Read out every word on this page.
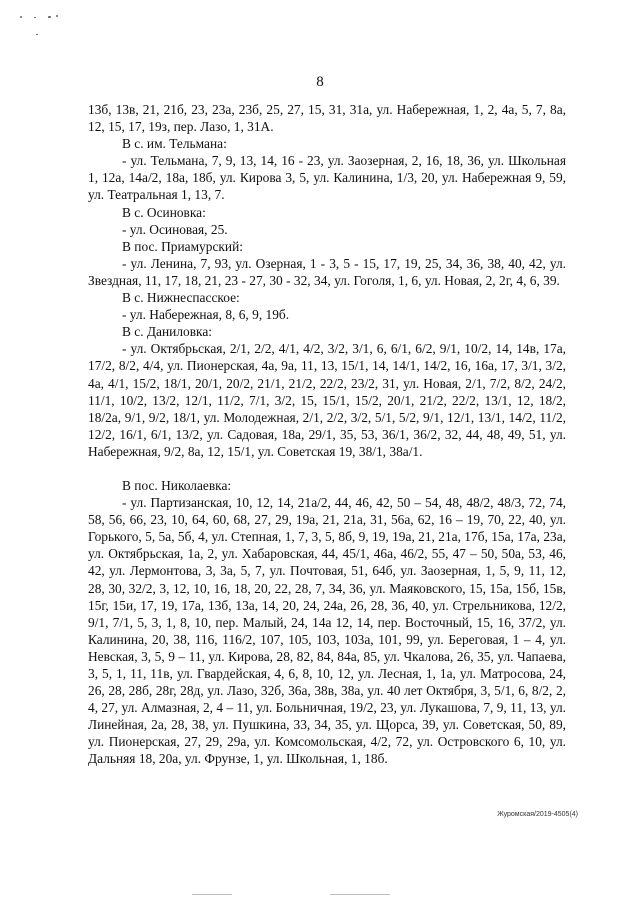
8

13б, 13в, 21, 21б, 23, 23а, 23б, 25, 27, 15, 31, 31а, ул. Набережная, 1, 2, 4а, 5, 7, 8а, 12, 15, 17, 19з, пер. Лазо, 1, 31А.

В с. им. Тельмана:

- ул. Тельмана, 7, 9, 13, 14, 16 - 23, ул. Заозерная, 2, 16, 18, 36, ул. Школьная 1, 12а, 14а/2, 18а, 18б, ул. Кирова 3, 5, ул. Калинина, 1/3, 20, ул. Набережная 9, 59, ул. Театральная 1, 13, 7.

В с. Осиновка:

- ул. Осиновая, 25.

В пос. Приамурский:

- ул. Ленина, 7, 93, ул. Озерная, 1 - 3, 5 - 15, 17, 19, 25, 34, 36, 38, 40, 42, ул. Звездная, 11, 17, 18, 21, 23 - 27, 30 - 32, 34, ул. Гоголя, 1, 6, ул. Новая, 2, 2г, 4, 6, 39.

В с. Нижнеспасское:

- ул. Набережная, 8, 6, 9, 19б.

В с. Даниловка:

- ул. Октябрьская, 2/1, 2/2, 4/1, 4/2, 3/2, 3/1, 6, 6/1, 6/2, 9/1, 10/2, 14, 14в, 17а, 17/2, 8/2, 4/4, ул. Пионерская, 4а, 9а, 11, 13, 15/1, 14, 14/1, 14/2, 16, 16а, 17, 3/1, 3/2, 4а, 4/1, 15/2, 18/1, 20/1, 20/2, 21/1, 21/2, 22/2, 23/2, 31, ул. Новая, 2/1, 7/2, 8/2, 24/2, 11/1, 10/2, 13/2, 12/1, 11/2, 7/1, 3/2, 15, 15/1, 15/2, 20/1, 21/2, 22/2, 13/1, 12, 18/2, 18/2а, 9/1, 9/2, 18/1, ул. Молодежная, 2/1, 2/2, 3/2, 5/1, 5/2, 9/1, 12/1, 13/1, 14/2, 11/2, 12/2, 16/1, 6/1, 13/2, ул. Садовая, 18а, 29/1, 35, 53, 36/1, 36/2, 32, 44, 48, 49, 51, ул. Набережная, 9/2, 8а, 12, 15/1, ул. Советская 19, 38/1, 38а/1.

В пос. Николаевка:

- ул. Партизанская, 10, 12, 14, 21а/2, 44, 46, 42, 50 – 54, 48, 48/2, 48/3, 72, 74, 58, 56, 66, 23, 10, 64, 60, 68, 27, 29, 19а, 21, 21а, 31, 56а, 62, 16 – 19, 70, 22, 40, ул. Горького, 5, 5а, 5б, 4, ул. Степная, 1, 7, 3, 5, 8б, 9, 19, 19а, 21, 21а, 17б, 15а, 17а, 23а, ул. Октябрьская, 1а, 2, ул. Хабаровская, 44, 45/1, 46а, 46/2, 55, 47 – 50, 50а, 53, 46, 42, ул. Лермонтова, 3, 3а, 5, 7, ул. Почтовая, 51, 64б, ул. Заозерная, 1, 5, 9, 11, 12, 28, 30, 32/2, 3, 12, 10, 16, 18, 20, 22, 28, 7, 34, 36, ул. Маяковского, 15, 15а, 15б, 15в, 15г, 15и, 17, 19, 17а, 13б, 13а, 14, 20, 24, 24а, 26, 28, 36, 40, ул. Стрельникова, 12/2, 9/1, 7/1, 5, 3, 1, 8, 10, пер. Малый, 24, 14а 12, 14, пер. Восточный, 15, 16, 37/2, ул. Калинина, 20, 38, 116, 116/2, 107, 105, 103, 103а, 101, 99, ул. Береговая, 1 – 4, ул. Невская, 3, 5, 9 – 11, ул. Кирова, 28, 82, 84, 84а, 85, ул. Чкалова, 26, 35, ул. Чапаева, 3, 5, 1, 11, 11в, ул. Гвардейская, 4, 6, 8, 10, 12, ул. Лесная, 1, 1а, ул. Матросова, 24, 26, 28, 28б, 28г, 28д, ул. Лазо, 32б, 36а, 38в, 38а, ул. 40 лет Октября, 3, 5/1, 6, 8/2, 2, 4, 27, ул. Алмазная, 2, 4 – 11, ул. Больничная, 19/2, 23, ул. Лукашова, 7, 9, 11, 13, ул. Линейная, 2а, 28, 38, ул. Пушкина, 33, 34, 35, ул. Щорса, 39, ул. Советская, 50, 89, ул. Пионерская, 27, 29, 29а, ул. Комсомольская, 4/2, 72, ул. Островского 6, 10, ул. Дальняя 18, 20а, ул. Фрунзе, 1, ул. Школьная, 1, 18б.

Журомская/2019-4505(4)
